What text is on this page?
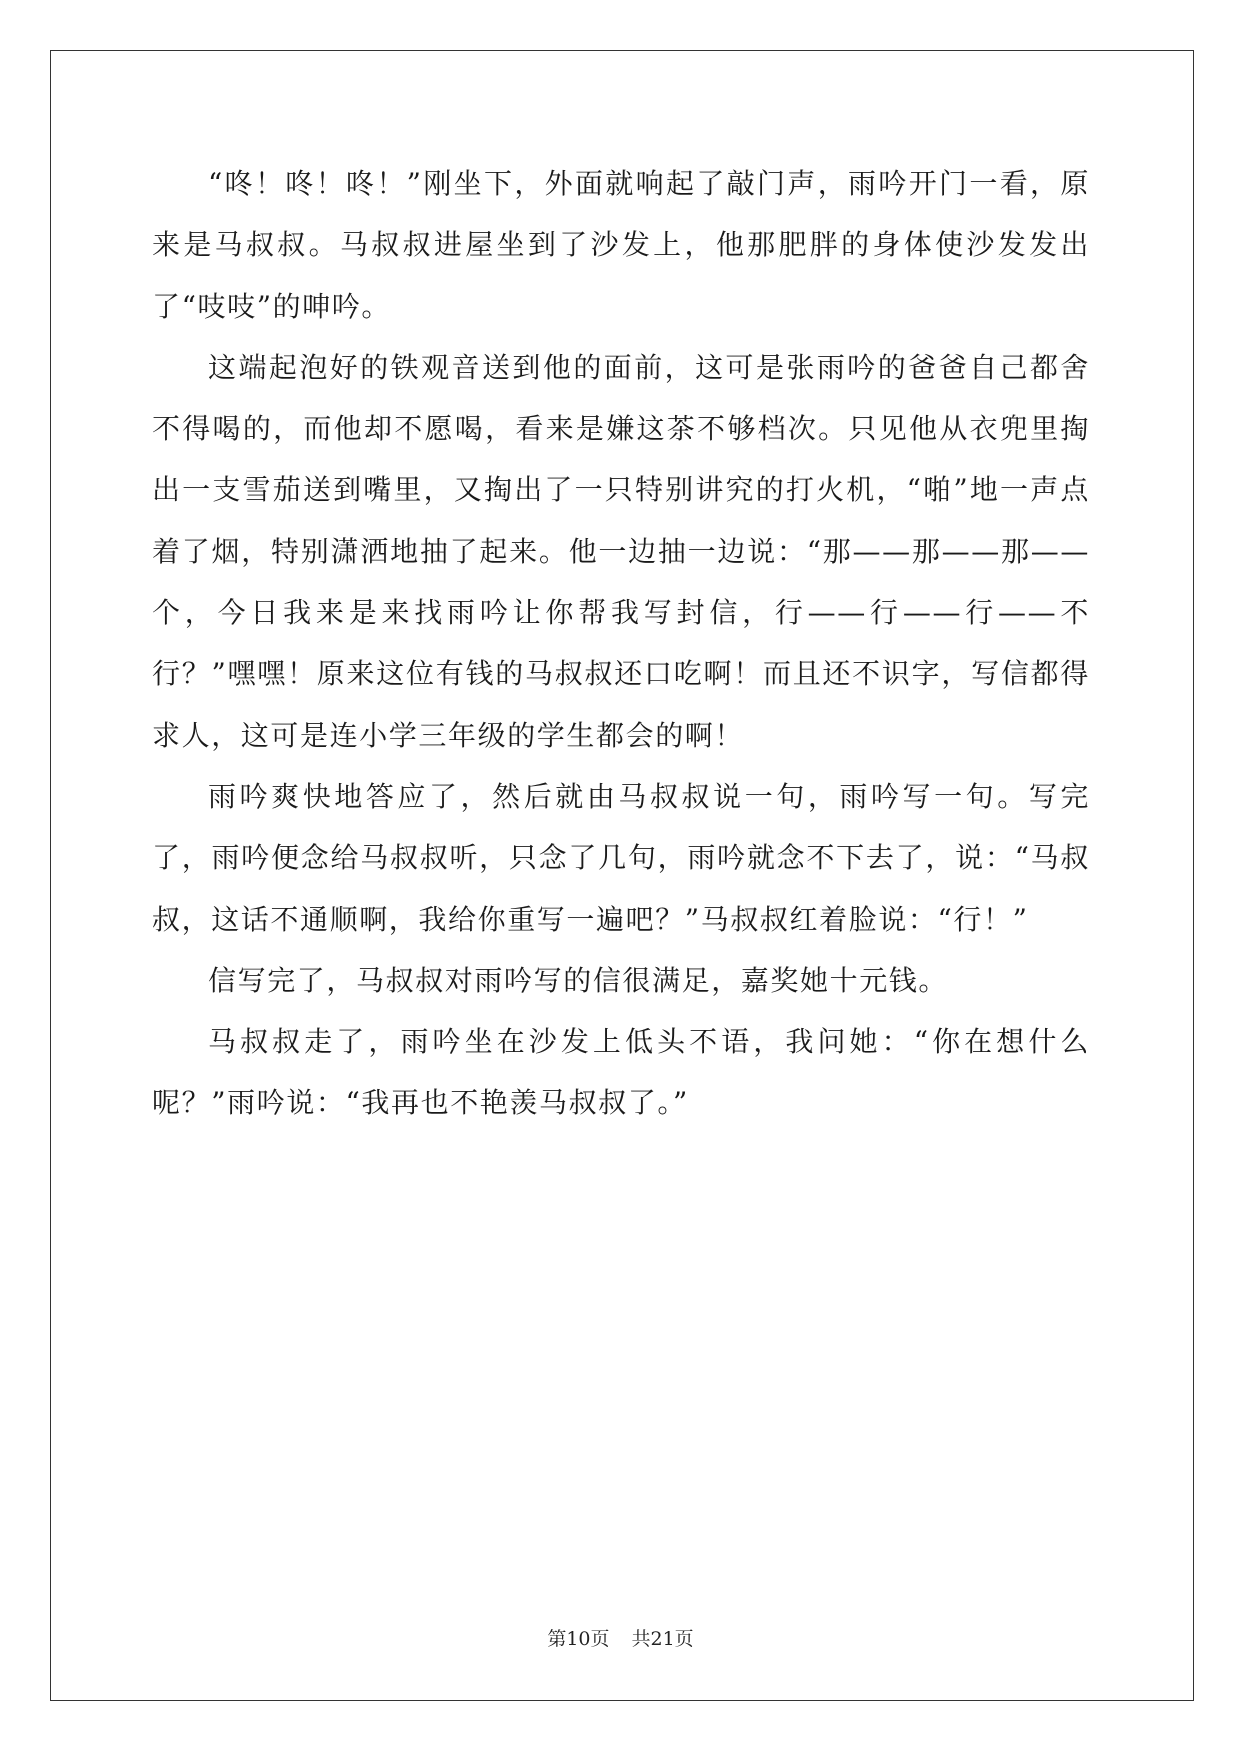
“咚！咚！咚！”刚坐下，外面就响起了敲门声，雨吟开门一看，原来是马叔叔。马叔叔进屋坐到了沙发上，他那肥胖的身体使沙发发出了“吱吱”的呻吟。

这端起泡好的铁观音送到他的面前，这可是张雨吟的爸爸自己都舍不得喝的，而他却不愿喝，看来是嫌这茶不够档次。只见他从衣兜里掏出一支雪茄送到嘴里，又掏出了一只特别讲究的打火机，“啪”地一声点着了烟，特别潇洒地抽了起来。他一边抽一边说：“那——那——那——个，今日我来是来找雨吟让你帮我写封信，行——行——行——不行？”嘿嘿！原来这位有钱的马叔叔还口吃啊！而且还不识字，写信都得求人，这可是连小学三年级的学生都会的啊！

雨吟爽快地答应了，然后就由马叔叔说一句，雨吟写一句。写完了，雨吟便念给马叔叔听，只念了几句，雨吟就念不下去了，说：“马叔叔，这话不通顺啊，我给你重写一遍吧？”马叔叔红着脸说：“行！”

信写完了，马叔叔对雨吟写的信很满足，嘉奖她十元钱。

马叔叔走了，雨吟坐在沙发上低头不语，我问她：“你在想什么呢？”雨吟说：“我再也不艳羡马叔叔了。”

第10页 共21页
